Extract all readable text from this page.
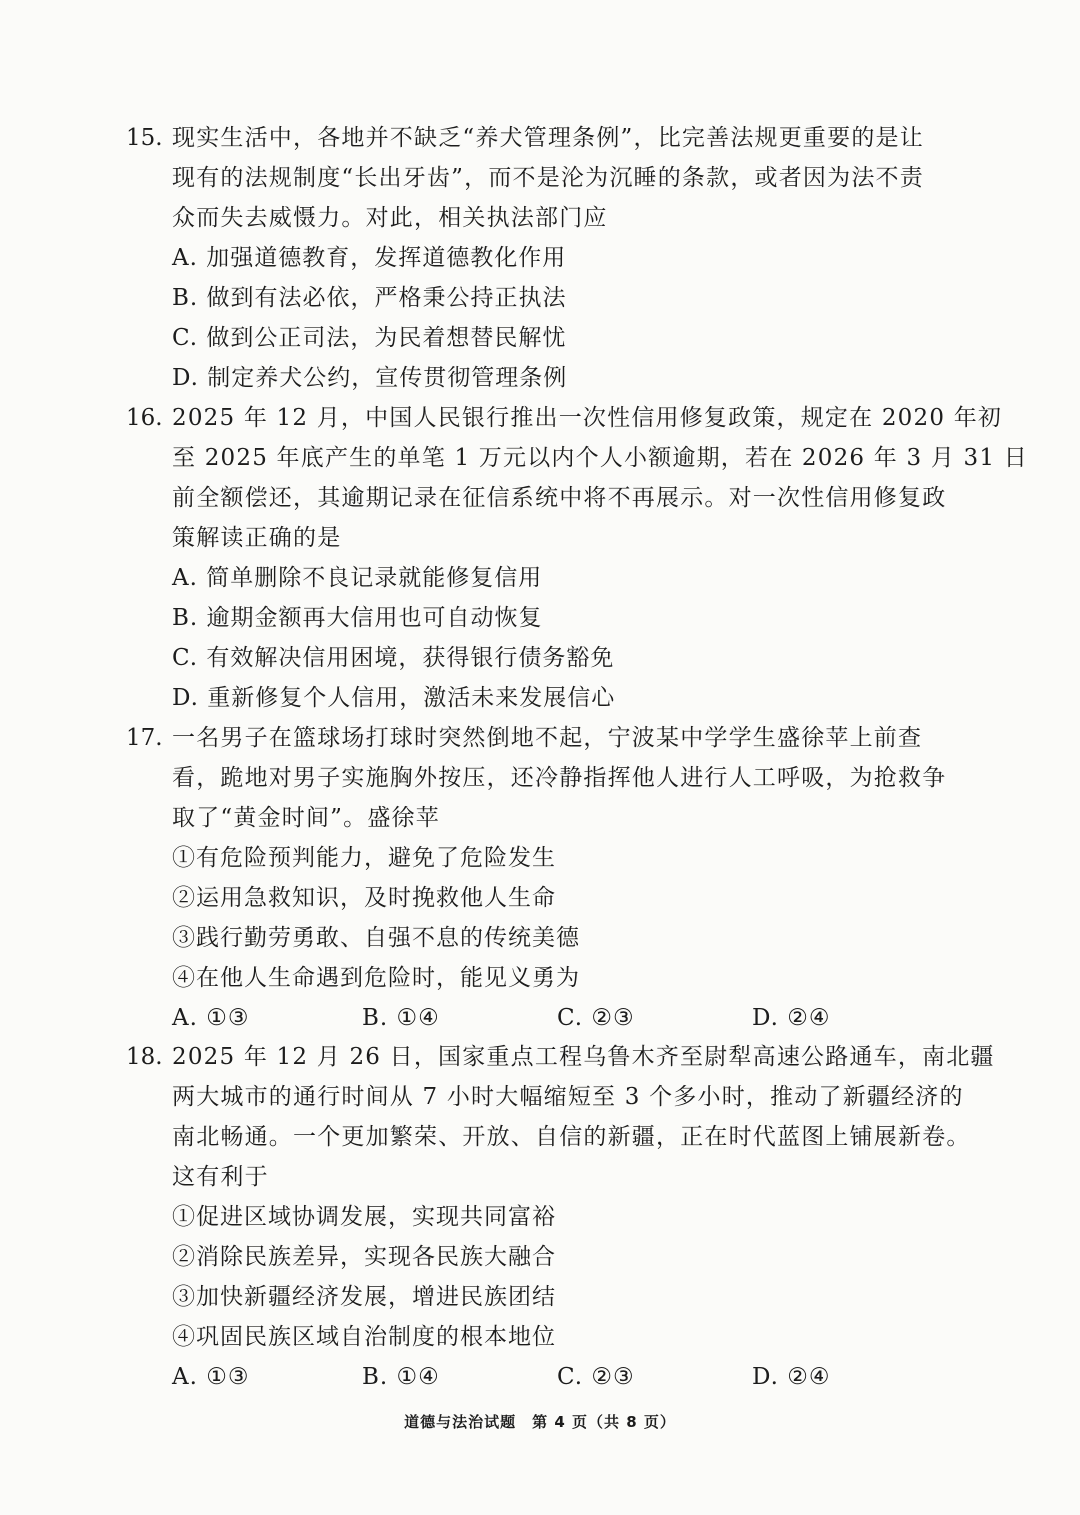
15. 现实生活中，各地并不缺乏“养犬管理条例”，比完善法规更重要的是让
现有的法规制度“长出牙齿”，而不是沦为沉睡的条款，或者因为法不责
众而失去威慑力。对此，相关执法部门应
A. 加强道德教育，发挥道德教化作用
B. 做到有法必依，严格秉公持正执法
C. 做到公正司法，为民着想替民解忧
D. 制定养犬公约，宣传贯彻管理条例
16. 2025 年 12 月，中国人民银行推出一次性信用修复政策，规定在 2020 年初
至 2025 年底产生的单笔 1 万元以内个人小额逾期，若在 2026 年 3 月 31 日
前全额偿还，其逾期记录在征信系统中将不再展示。对一次性信用修复政
策解读正确的是
A. 简单删除不良记录就能修复信用
B. 逾期金额再大信用也可自动恢复
C. 有效解决信用困境，获得银行债务豁免
D. 重新修复个人信用，激活未来发展信心
17. 一名男子在篮球场打球时突然倒地不起，宁波某中学学生盛徐苹上前查
看，跪地对男子实施胸外按压，还冷静指挥他人进行人工呼吸，为抢救争
取了“黄金时间”。盛徐苹
①有危险预判能力，避免了危险发生
②运用急救知识，及时挽救他人生命
③践行勤劳勇敢、自强不息的传统美德
④在他人生命遇到危险时，能见义勇为
A. ①③	B. ①④	C. ②③	D. ②④
18. 2025 年 12 月 26 日，国家重点工程乌鲁木齐至尉犁高速公路通车，南北疆
两大城市的通行时间从 7 小时大幅缩短至 3 个多小时，推动了新疆经济的
南北畅通。一个更加繁荣、开放、自信的新疆，正在时代蓝图上铺展新卷。
这有利于
①促进区域协调发展，实现共同富裕
②消除民族差异，实现各民族大融合
③加快新疆经济发展，增进民族团结
④巩固民族区域自治制度的根本地位
A. ①③	B. ①④	C. ②③	D. ②④
道德与法治试题　第 4 页（共 8 页）
